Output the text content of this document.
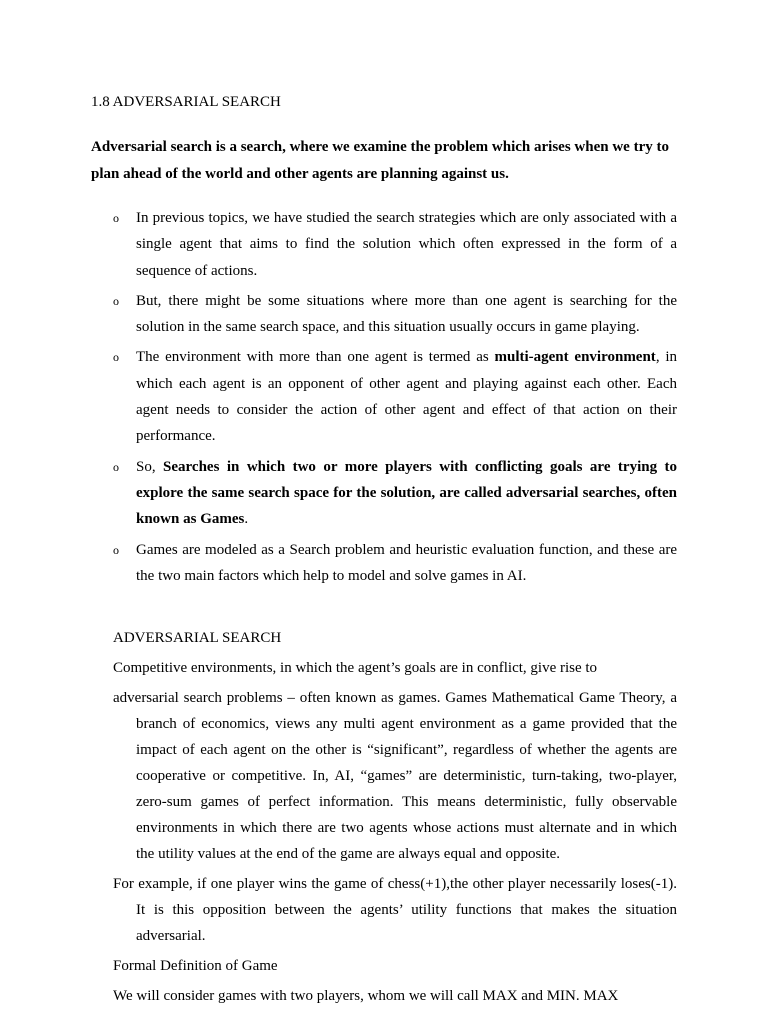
1.8 ADVERSARIAL SEARCH

Adversarial search is a search, where we examine the problem which arises when we try to plan ahead of the world and other agents are planning against us.

o In previous topics, we have studied the search strategies which are only associated with a single agent that aims to find the solution which often expressed in the form of a sequence of actions.
o But, there might be some situations where more than one agent is searching for the solution in the same search space, and this situation usually occurs in game playing.
o The environment with more than one agent is termed as multi-agent environment, in which each agent is an opponent of other agent and playing against each other. Each agent needs to consider the action of other agent and effect of that action on their performance.
o So, Searches in which two or more players with conflicting goals are trying to explore the same search space for the solution, are called adversarial searches, often known as Games.
o Games are modeled as a Search problem and heuristic evaluation function, and these are the two main factors which help to model and solve games in AI.

ADVERSARIAL SEARCH

Competitive environments, in which the agent’s goals are in conflict, give rise to

adversarial search problems – often known as games. Games Mathematical Game Theory, a branch of economics, views any multi agent environment as a game provided that the impact of each agent on the other is “significant”, regardless of whether the agents are cooperative or competitive. In, AI, “games” are deterministic, turn-taking, two-player, zero-sum games of perfect information. This means deterministic, fully observable environments in which there are two agents whose actions must alternate and in which the utility values at the end of the game are always equal and opposite.

For example, if one player wins the game of chess(+1),the other player necessarily loses(-1). It is this opposition between the agents’ utility functions that makes the situation adversarial.

Formal Definition of Game

We will consider games with two players, whom we will call MAX and MIN. MAX
